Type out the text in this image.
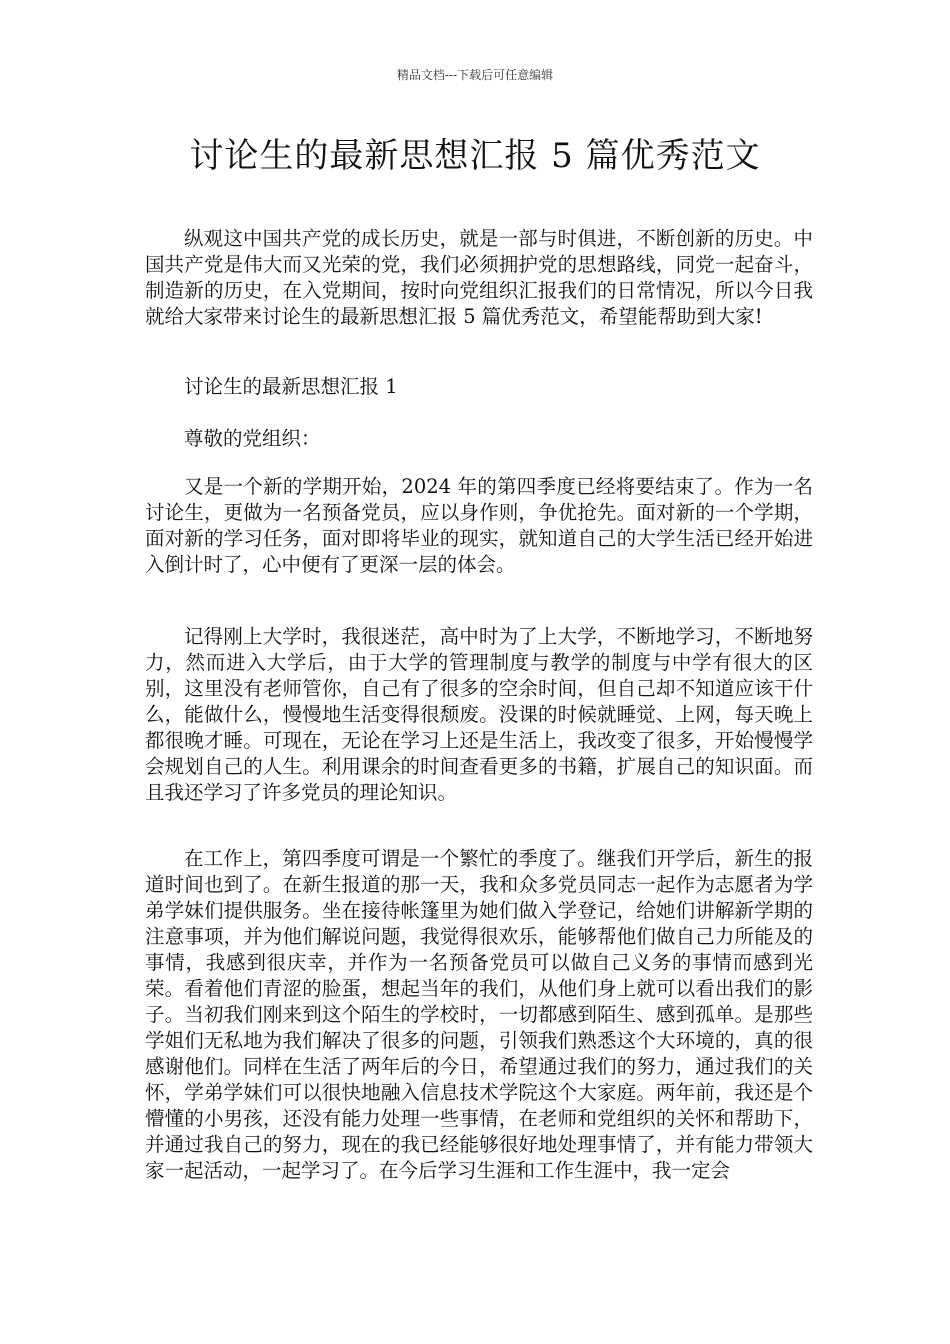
精品文档---下载后可任意编辑
讨论生的最新思想汇报 5 篇优秀范文

纵观这中国共产党的成长历史，就是一部与时俱进，不断创新的历史。中国共产党是伟大而又光荣的党，我们必须拥护党的思想路线，同党一起奋斗，制造新的历史，在入党期间，按时向党组织汇报我们的日常情况，所以今日我就给大家带来讨论生的最新思想汇报 5 篇优秀范文，希望能帮助到大家!

讨论生的最新思想汇报 1

尊敬的党组织：

又是一个新的学期开始，2024 年的第四季度已经将要结束了。作为一名讨论生，更做为一名预备党员，应以身作则，争优抢先。面对新的一个学期，面对新的学习任务，面对即将毕业的现实，就知道自己的大学生活已经开始进入倒计时了，心中便有了更深一层的体会。

记得刚上大学时，我很迷茫，高中时为了上大学，不断地学习，不断地努力，然而进入大学后，由于大学的管理制度与教学的制度与中学有很大的区别，这里没有老师管你，自己有了很多的空余时间，但自己却不知道应该干什么，能做什么，慢慢地生活变得很颓废。没课的时候就睡觉、上网，每天晚上都很晚才睡。可现在，无论在学习上还是生活上，我改变了很多，开始慢慢学会规划自己的人生。利用课余的时间查看更多的书籍，扩展自己的知识面。而且我还学习了许多党员的理论知识。

在工作上，第四季度可谓是一个繁忙的季度了。继我们开学后，新生的报道时间也到了。在新生报道的那一天，我和众多党员同志一起作为志愿者为学弟学妹们提供服务。坐在接待帐篷里为她们做入学登记，给她们讲解新学期的注意事项，并为他们解说问题，我觉得很欢乐，能够帮他们做自己力所能及的事情，我感到很庆幸，并作为一名预备党员可以做自己义务的事情而感到光荣。看着他们青涩的脸蛋，想起当年的我们，从他们身上就可以看出我们的影子。当初我们刚来到这个陌生的学校时，一切都感到陌生、感到孤单。是那些学姐们无私地为我们解决了很多的问题，引领我们熟悉这个大环境的，真的很感谢他们。同样在生活了两年后的今日，希望通过我们的努力，通过我们的关怀，学弟学妹们可以很快地融入信息技术学院这个大家庭。两年前，我还是个懵懂的小男孩，还没有能力处理一些事情，在老师和党组织的关怀和帮助下，并通过我自己的努力，现在的我已经能够很好地处理事情了，并有能力带领大家一起活动，一起学习了。在今后学习生涯和工作生涯中，我一定会
